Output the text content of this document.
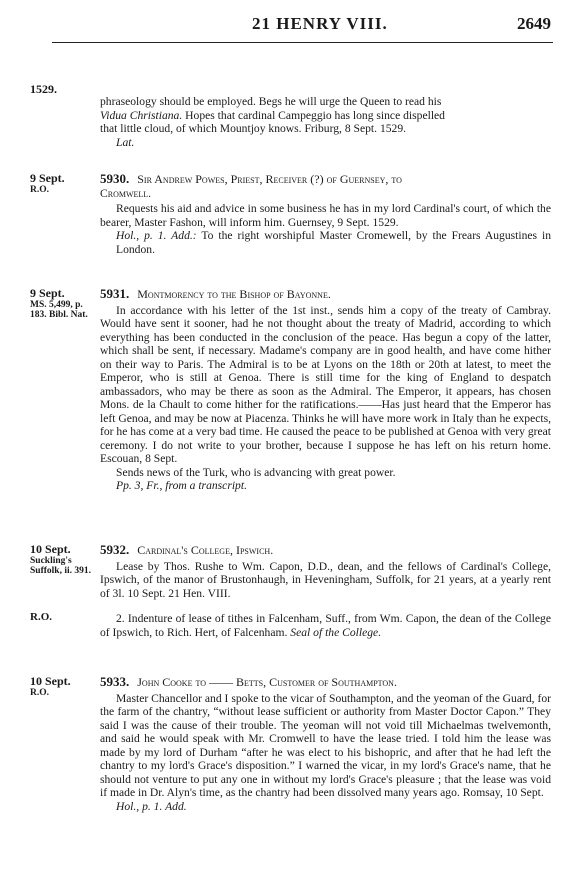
21 HENRY VIII.	2649
1529.

phraseology should be employed. Begs he will urge the Queen to read his

Vidua Christiana. Hopes that cardinal Campeggio has long since dispelled

that little cloud, of which Mountjoy knows. Friburg, 8 Sept. 1529.

Lat.

9 Sept.
R.O.

5930. Sir Andrew Powes, Priest, Receiver (?) of Guernsey, to

Cromwell.

Requests his aid and advice in some business he has in my lord Cardinal's court, of which the bearer, Master Fashon, will inform him. Guernsey, 9 Sept. 1529.

Hol., p. 1. Add.: To the right worshipful Master Cromewell, by the Frears Augustines in London.

9 Sept.
MS. 5,499, p. 183. Bibl. Nat.

5931. Montmorency to the Bishop of Bayonne.

In accordance with his letter of the 1st inst., sends him a copy of the treaty of Cambray. Would have sent it sooner, had he not thought about the treaty of Madrid, according to which everything has been conducted in the conclusion of the peace. Has begun a copy of the latter, which shall be sent, if necessary. Madame's company are in good health, and have come hither on their way to Paris. The Admiral is to be at Lyons on the 18th or 20th at latest, to meet the Emperor, who is still at Genoa. There is still time for the king of England to despatch ambassadors, who may be there as soon as the Admiral. The Emperor, it appears, has chosen Mons. de la Chault to come hither for the ratifications.——Has just heard that the Emperor has left Genoa, and may be now at Piacenza. Thinks he will have more work in Italy than he expects, for he has come at a very bad time. He caused the peace to be published at Genoa with very great ceremony. I do not write to your brother, because I suppose he has left on his return home. Escouan, 8 Sept.

Sends news of the Turk, who is advancing with great power.

Pp. 3, Fr., from a transcript.

10 Sept.
Suckling's Suffolk, ii. 391.

5932. Cardinal's College, Ipswich.

Lease by Thos. Rushe to Wm. Capon, D.D., dean, and the fellows of Cardinal's College, Ipswich, of the manor of Brustonhaugh, in Heveningham, Suffolk, for 21 years, at a yearly rent of 3l. 10 Sept. 21 Hen. VIII.

R.O.	2. Indenture of lease of tithes in Falcenham, Suff., from Wm. Capon, the dean of the College of Ipswich, to Rich. Hert, of Falcenham. Seal of the College.

10 Sept.
R.O.

5933. John Cooke to —— Betts, Customer of Southampton.

Master Chancellor and I spoke to the vicar of Southampton, and the yeoman of the Guard, for the farm of the chantry, “without lease sufficient or authority from Master Doctor Capon.” They said I was the cause of their trouble. The yeoman will not void till Michaelmas twelvemonth, and said he would speak with Mr. Cromwell to have the lease tried. I told him the lease was made by my lord of Durham “after he was elect to his bishopric, and after that he had left the chantry to my lord's Grace's disposition.” I warned the vicar, in my lord's Grace's name, that he should not venture to put any one in without my lord's Grace's pleasure ; that the lease was void if made in Dr. Alyn's time, as the chantry had been dissolved many years ago. Romsay, 10 Sept.

Hol., p. 1. Add.
